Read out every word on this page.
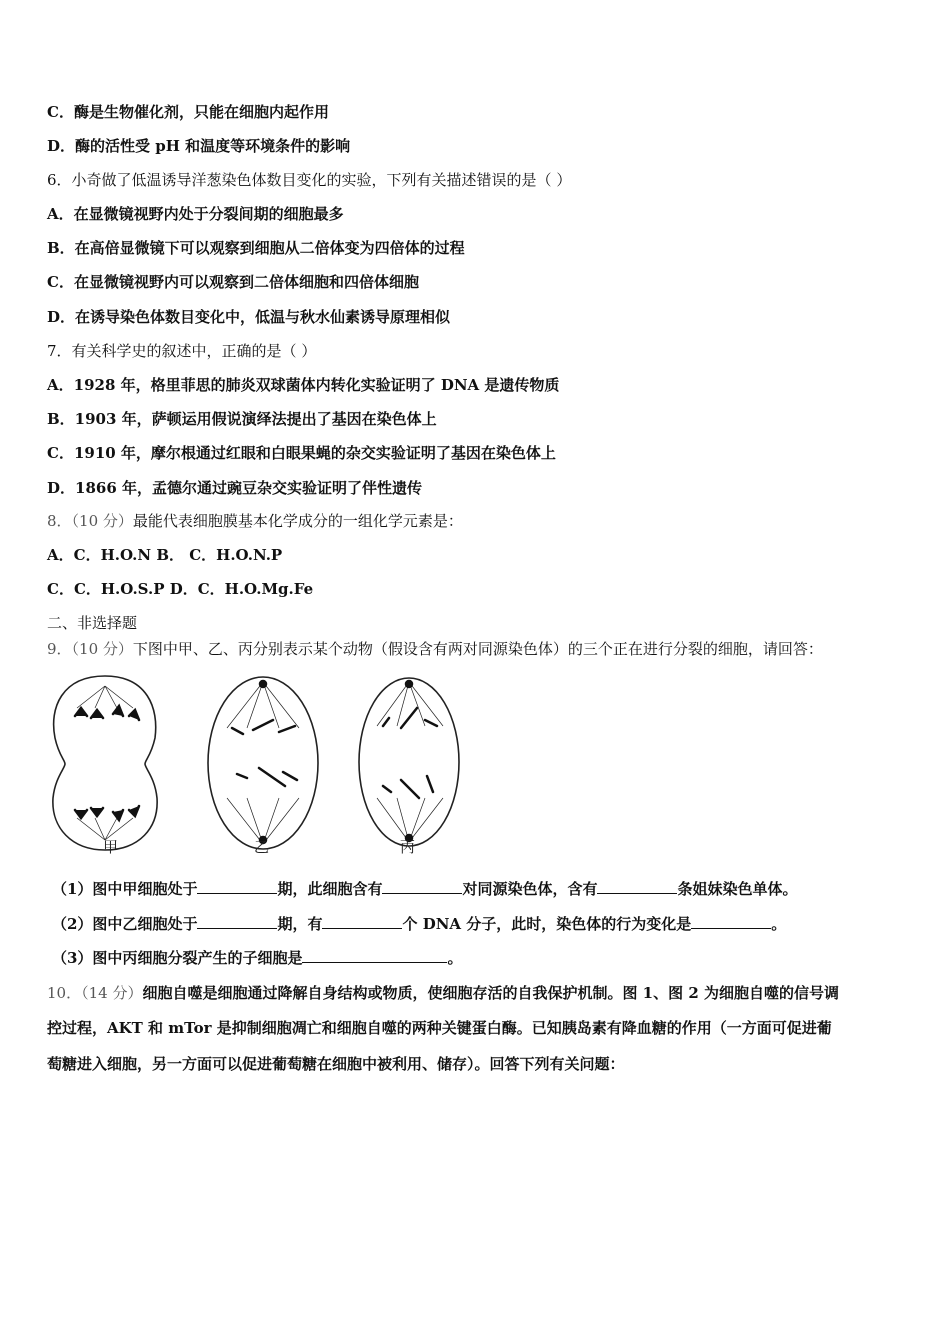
C．酶是生物催化剂，只能在细胞内起作用
D．酶的活性受 pH 和温度等环境条件的影响
6．小奇做了低温诱导洋葱染色体数目变化的实验，下列有关描述错误的是（ ）
A．在显微镜视野内处于分裂间期的细胞最多
B．在高倍显微镜下可以观察到细胞从二倍体变为四倍体的过程
C．在显微镜视野内可以观察到二倍体细胞和四倍体细胞
D．在诱导染色体数目变化中，低温与秋水仙素诱导原理相似
7．有关科学史的叙述中，正确的是（ ）
A．1928 年，格里菲思的肺炎双球菌体内转化实验证明了 DNA 是遗传物质
B．1903 年，萨顿运用假说演绎法提出了基因在染色体上
C．1910 年，摩尔根通过红眼和白眼果蝇的杂交实验证明了基因在染色体上
D．1866 年，孟德尔通过豌豆杂交实验证明了伴性遗传
8．（10 分）最能代表细胞膜基本化学成分的一组化学元素是：
A．C．H.O.N B． C．H.O.N.P
C．C．H.O.S.P D．C．H.O.Mg.Fe
二、非选择题
9．（10 分）下图中甲、乙、丙分别表示某个动物（假设含有两对同源染色体）的三个正在进行分裂的细胞，请回答：
甲	乙	丙
（1）图中甲细胞处于	期，此细胞含有	对同源染色体，含有	条姐妹染色单体。
（2）图中乙细胞处于	期，有	个 DNA 分子，此时，染色体的行为变化是	。
（3）图中丙细胞分裂产生的子细胞是	。
10．（14 分）细胞自噬是细胞通过降解自身结构或物质，使细胞存活的自我保护机制。图 1、图 2 为细胞自噬的信号调
控过程，AKT 和 mTor 是抑制细胞凋亡和细胞自噬的两种关键蛋白酶。已知胰岛素有降血糖的作用（一方面可促进葡
萄糖进入细胞，另一方面可以促进葡萄糖在细胞中被利用、储存）。回答下列有关问题：
